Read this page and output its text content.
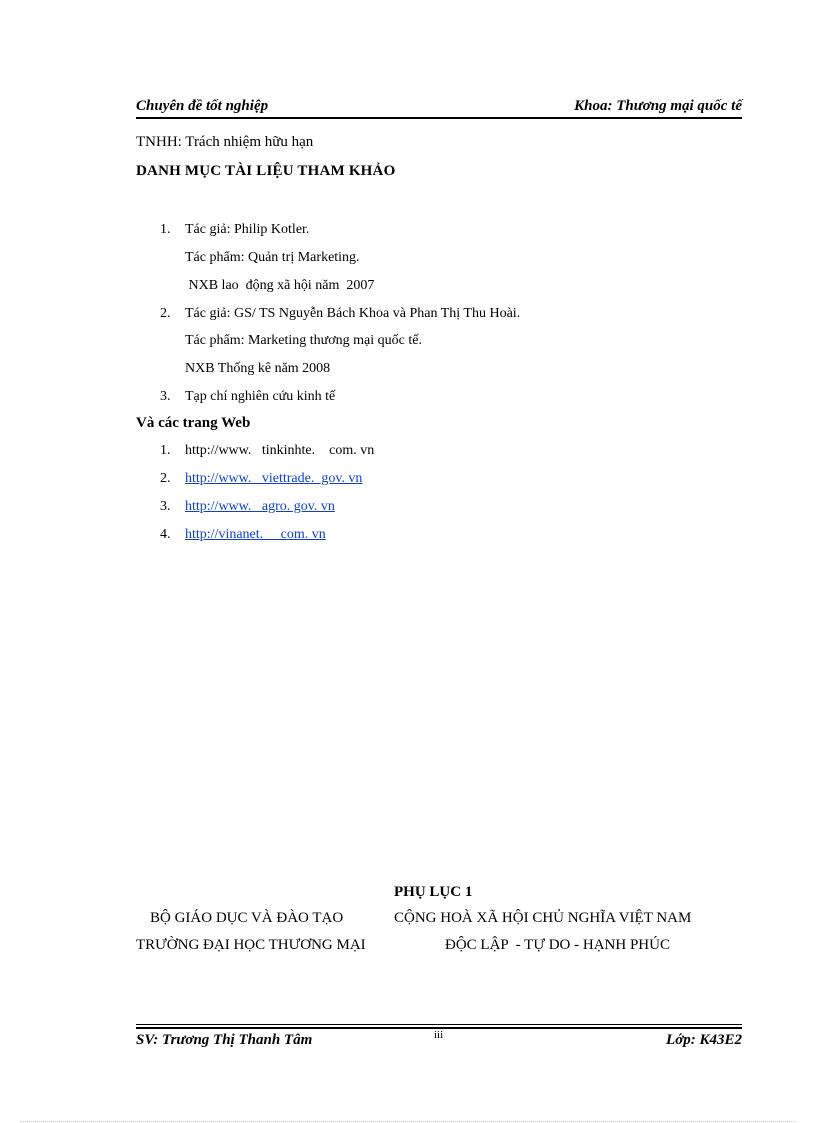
Chuyên đề tốt nghiệp	Khoa: Thương mại quốc tế
TNHH: Trách nhiệm hữu hạn
DANH MỤC TÀI LIỆU THAM KHẢO
1. Tác giả: Philip Kotler.
Tác phẩm: Quản trị Marketing.
NXB lao  động xã hội năm  2007
2. Tác giả: GS/ TS Nguyễn Bách Khoa và Phan Thị Thu Hoài.
Tác phẩm: Marketing thương mại quốc tế.
NXB Thống kê năm 2008
3. Tạp chí nghiên cứu kinh tế
Và các trang Web
1. http://www.   tinkinhte.    com. vn
2. http://www.   viettrade.  gov. vn
3. http://www.   agro. gov. vn
4. http://vinanet.     com. vn
PHỤ LỤC 1
BỘ GIÁO DỤC VÀ ĐÀO TẠO	CỘNG HOÀ XÃ HỘI CHỦ NGHĨA VIỆT NAM
TRƯỜNG ĐẠI HỌC THƯƠNG MẠI	ĐỘC LẬP  - TỰ DO - HẠNH PHÚC
SV: Trương Thị Thanh Tâm	iii	Lớp: K43E2
